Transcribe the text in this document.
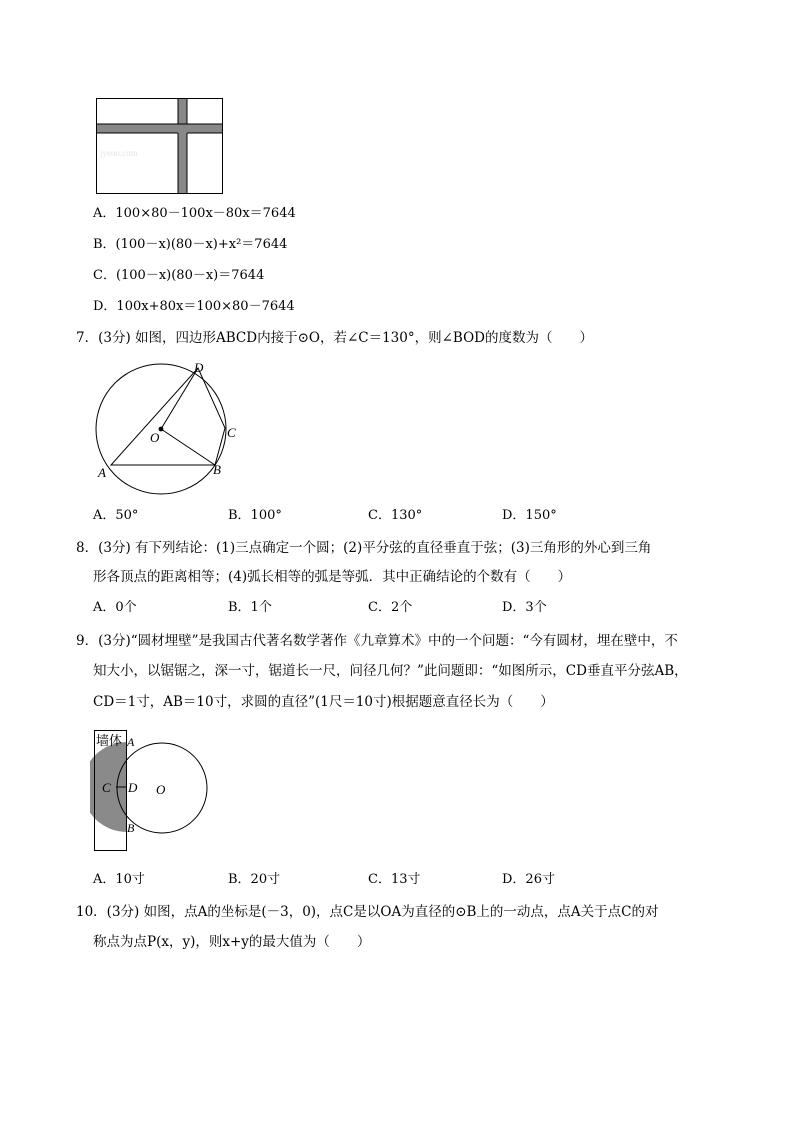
jyeoo.com
A．100×80－100x－80x＝7644
B．(100－x)(80－x)+x²＝7644
C．(100－x)(80－x)＝7644
D．100x+80x＝100×80－7644
7．(3分) 如图，四边形ABCD内接于⊙O，若∠C＝130°，则∠BOD的度数为（　　）
D
C
B
A
O
A．50°	B．100°	C．130°	D．150°
8．(3分) 有下列结论：(1)三点确定一个圆；(2)平分弦的直径垂直于弦；(3)三角形的外心到三角
形各顶点的距离相等；(4)弧长相等的弧是等弧．其中正确结论的个数有（　　）
A．0个	B．1个	C．2个	D．3个
9．(3分)“圆材埋壁”是我国古代著名数学著作《九章算术》中的一个问题：“今有圆材，埋在壁中，不
知大小，以锯锯之，深一寸，锯道长一尺，问径几何？”此问题即：“如图所示，CD垂直平分弦AB，
CD＝1寸，AB＝10寸，求圆的直径”(1尺＝10寸)根据题意直径长为（　　）
墙体 A
C D O
B
A．10寸	B．20寸	C．13寸	D．26寸
10．(3分) 如图，点A的坐标是(－3，0)，点C是以OA为直径的⊙B上的一动点，点A关于点C的对
称点为点P(x，y)，则x+y的最大值为（　　）
